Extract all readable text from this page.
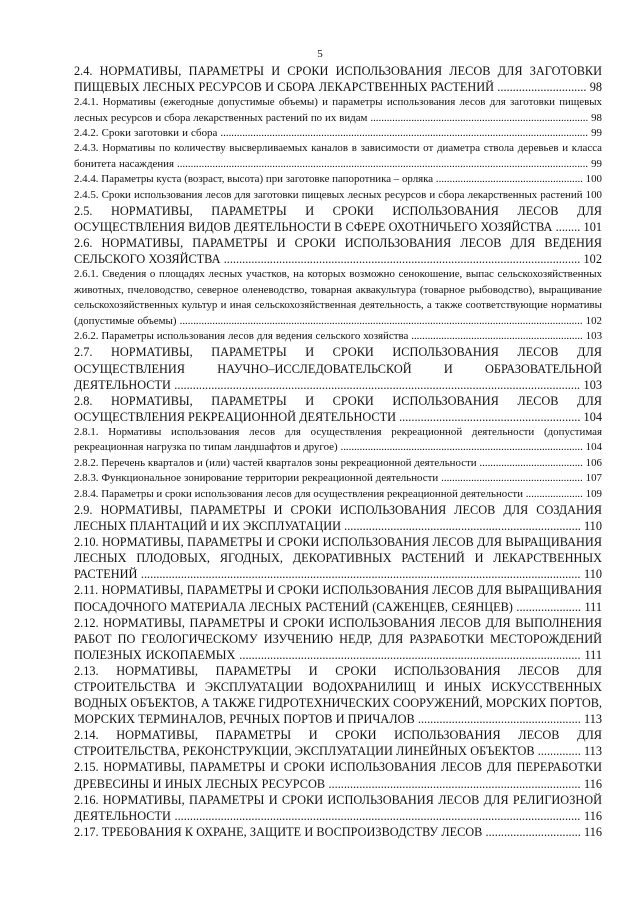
5
2.4. НОРМАТИВЫ, ПАРАМЕТРЫ И СРОКИ ИСПОЛЬЗОВАНИЯ ЛЕСОВ ДЛЯ ЗАГОТОВКИ ПИЩЕВЫХ ЛЕСНЫХ РЕСУРСОВ И СБОРА ЛЕКАРСТВЕННЫХ РАСТЕНИЙ ............................. 98
2.4.1. Нормативы (ежегодные допустимые объемы) и параметры использования лесов для заготовки пищевых лесных ресурсов и сбора лекарственных растений по их видам ................................................................................ 98
2.4.2. Сроки заготовки и сбора ....................................................................................................................................... 99
2.4.3. Нормативы по количеству высверливаемых каналов в зависимости от диаметра ствола деревьев и класса бонитета насаждения ....................................................................................................................................................... 99
2.4.4. Параметры куста (возраст, высота) при заготовке папоротника – орляка ...................................................... 100
2.4.5. Сроки использования лесов для заготовки пищевых лесных ресурсов и сбора лекарственных растений 100
2.5. НОРМАТИВЫ, ПАРАМЕТРЫ И СРОКИ ИСПОЛЬЗОВАНИЯ ЛЕСОВ ДЛЯ ОСУЩЕСТВЛЕНИЯ ВИДОВ ДЕЯТЕЛЬНОСТИ В СФЕРЕ ОХОТНИЧЬЕГО ХОЗЯЙСТВА ........ 101
2.6. НОРМАТИВЫ, ПАРАМЕТРЫ И СРОКИ ИСПОЛЬЗОВАНИЯ ЛЕСОВ ДЛЯ ВЕДЕНИЯ СЕЛЬСКОГО ХОЗЯЙСТВА .................................................................................................................... 102
2.6.1. Сведения о площадях лесных участков, на которых возможно сенокошение, выпас сельскохозяйственных животных, пчеловодство, северное оленеводство, товарная аквакультура (товарное рыбоводство), выращивание сельскохозяйственных культур и иная сельскохозяйственная деятельность, а также соответствующие нормативы (допустимые объемы) .................................................................................................................................................... 102
2.6.2. Параметры использования лесов для ведения сельского хозяйства ............................................................... 103
2.7. НОРМАТИВЫ, ПАРАМЕТРЫ И СРОКИ ИСПОЛЬЗОВАНИЯ ЛЕСОВ ДЛЯ ОСУЩЕСТВЛЕНИЯ НАУЧНО–ИССЛЕДОВАТЕЛЬСКОЙ И ОБРАЗОВАТЕЛЬНОЙ ДЕЯТЕЛЬНОСТИ .................................................................................................................................... 103
2.8. НОРМАТИВЫ, ПАРАМЕТРЫ И СРОКИ ИСПОЛЬЗОВАНИЯ ЛЕСОВ ДЛЯ ОСУЩЕСТВЛЕНИЯ РЕКРЕАЦИОННОЙ ДЕЯТЕЛЬНОСТИ ........................................................... 104
2.8.1. Нормативы использования лесов для осуществления рекреационной деятельности (допустимая рекреационная нагрузка по типам ландшафтов и другое) ......................................................................................... 104
2.8.2. Перечень кварталов и (или) частей кварталов зоны рекреационной деятельности ...................................... 106
2.8.3. Функциональное зонирование территории рекреационной деятельности .................................................... 107
2.8.4. Параметры и сроки использования лесов для осуществления рекреационной деятельности ..................... 109
2.9. НОРМАТИВЫ, ПАРАМЕТРЫ И СРОКИ ИСПОЛЬЗОВАНИЯ ЛЕСОВ ДЛЯ СОЗДАНИЯ ЛЕСНЫХ ПЛАНТАЦИЙ И ИХ ЭКСПЛУАТАЦИИ ............................................................................. 110
2.10. НОРМАТИВЫ, ПАРАМЕТРЫ И СРОКИ ИСПОЛЬЗОВАНИЯ ЛЕСОВ ДЛЯ ВЫРАЩИВАНИЯ ЛЕСНЫХ ПЛОДОВЫХ, ЯГОДНЫХ, ДЕКОРАТИВНЫХ РАСТЕНИЙ И ЛЕКАРСТВЕННЫХ РАСТЕНИЙ ............................................................................................................................................... 110
2.11. НОРМАТИВЫ, ПАРАМЕТРЫ И СРОКИ ИСПОЛЬЗОВАНИЯ ЛЕСОВ ДЛЯ ВЫРАЩИВАНИЯ ПОСАДОЧНОГО МАТЕРИАЛА ЛЕСНЫХ РАСТЕНИЙ (САЖЕНЦЕВ, СЕЯНЦЕВ) ..................... 111
2.12. НОРМАТИВЫ, ПАРАМЕТРЫ И СРОКИ ИСПОЛЬЗОВАНИЯ ЛЕСОВ ДЛЯ ВЫПОЛНЕНИЯ РАБОТ ПО ГЕОЛОГИЧЕСКОМУ ИЗУЧЕНИЮ НЕДР, ДЛЯ РАЗРАБОТКИ МЕСТОРОЖДЕНИЙ ПОЛЕЗНЫХ ИСКОПАЕМЫХ ............................................................................................................... 111
2.13. НОРМАТИВЫ, ПАРАМЕТРЫ И СРОКИ ИСПОЛЬЗОВАНИЯ ЛЕСОВ ДЛЯ СТРОИТЕЛЬСТВА И ЭКСПЛУАТАЦИИ ВОДОХРАНИЛИЩ И ИНЫХ ИСКУССТВЕННЫХ ВОДНЫХ ОБЪЕКТОВ, А ТАКЖЕ ГИДРОТЕХНИЧЕСКИХ СООРУЖЕНИЙ, МОРСКИХ ПОРТОВ, МОРСКИХ ТЕРМИНАЛОВ, РЕЧНЫХ ПОРТОВ И ПРИЧАЛОВ ..................................................... 113
2.14. НОРМАТИВЫ, ПАРАМЕТРЫ И СРОКИ ИСПОЛЬЗОВАНИЯ ЛЕСОВ ДЛЯ СТРОИТЕЛЬСТВА, РЕКОНСТРУКЦИИ, ЭКСПЛУАТАЦИИ ЛИНЕЙНЫХ ОБЪЕКТОВ .............. 113
2.15. НОРМАТИВЫ, ПАРАМЕТРЫ И СРОКИ ИСПОЛЬЗОВАНИЯ ЛЕСОВ ДЛЯ ПЕРЕРАБОТКИ ДРЕВЕСИНЫ И ИНЫХ ЛЕСНЫХ РЕСУРСОВ .................................................................................. 116
2.16. НОРМАТИВЫ, ПАРАМЕТРЫ И СРОКИ ИСПОЛЬЗОВАНИЯ ЛЕСОВ ДЛЯ РЕЛИГИОЗНОЙ ДЕЯТЕЛЬНОСТИ .................................................................................................................................... 116
2.17. ТРЕБОВАНИЯ К ОХРАНЕ, ЗАЩИТЕ И ВОСПРОИЗВОДСТВУ ЛЕСОВ ............................... 116
